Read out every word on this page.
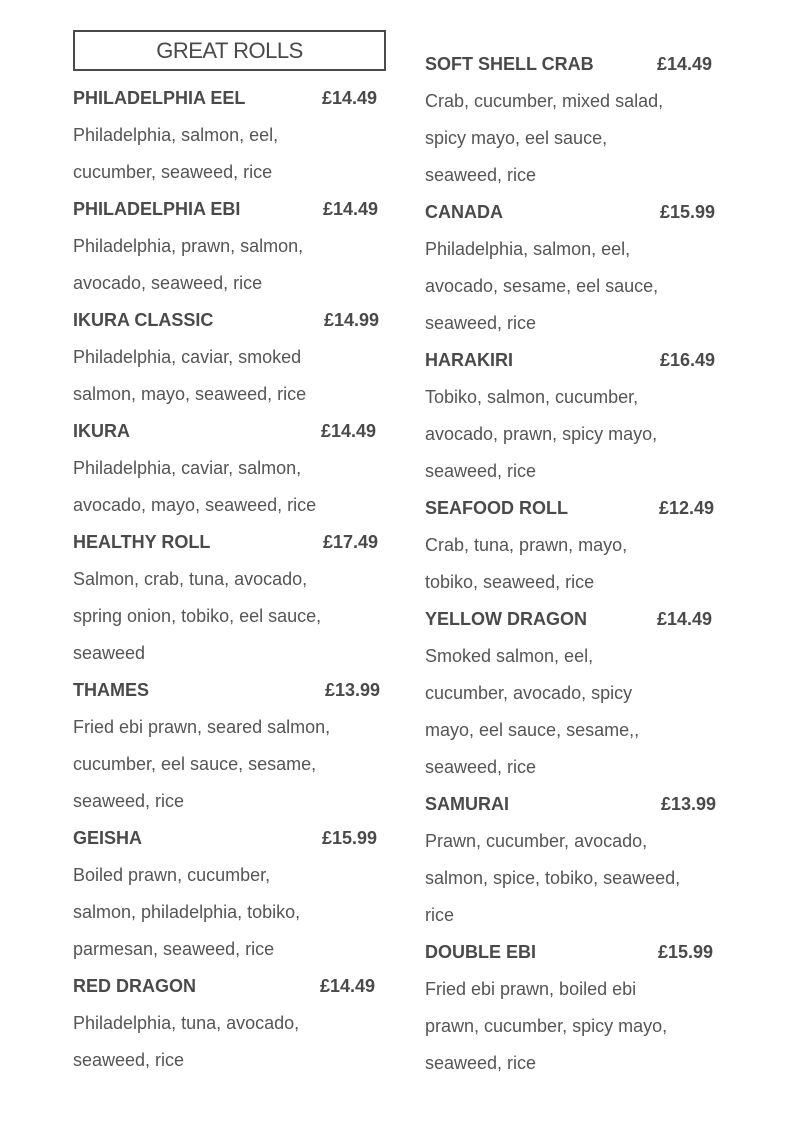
GREAT ROLLS
PHILADELPHIA EEL	£14.49
Philadelphia, salmon, eel,
cucumber, seaweed, rice
PHILADELPHIA EBI	£14.49
Philadelphia, prawn, salmon,
avocado, seaweed, rice
IKURA CLASSIC	£14.99
Philadelphia, caviar, smoked
salmon, mayo, seaweed, rice
IKURA	£14.49
Philadelphia, caviar, salmon,
avocado, mayo, seaweed, rice
HEALTHY ROLL	£17.49
Salmon, crab, tuna, avocado,
spring onion, tobiko, eel sauce,
seaweed
THAMES	£13.99
Fried ebi prawn, seared salmon,
cucumber, eel sauce, sesame,
seaweed, rice
GEISHA	£15.99
Boiled prawn, cucumber,
salmon, philadelphia, tobiko,
parmesan, seaweed, rice
RED DRAGON	£14.49
Philadelphia, tuna, avocado,
seaweed, rice
SOFT SHELL CRAB	£14.49
Crab, cucumber, mixed salad,
spicy mayo, eel sauce,
seaweed, rice
CANADA	£15.99
Philadelphia, salmon, eel,
avocado, sesame, eel sauce,
seaweed, rice
HARAKIRI	£16.49
Tobiko, salmon, cucumber,
avocado, prawn, spicy mayo,
seaweed, rice
SEAFOOD ROLL	£12.49
Crab, tuna, prawn, mayo,
tobiko, seaweed, rice
YELLOW DRAGON	£14.49
Smoked salmon, eel,
cucumber, avocado, spicy
mayo, eel sauce, sesame,,
seaweed, rice
SAMURAI	£13.99
Prawn, cucumber, avocado,
salmon, spice, tobiko, seaweed,
rice
DOUBLE EBI	£15.99
Fried ebi prawn, boiled ebi
prawn, cucumber, spicy mayo,
seaweed, rice
